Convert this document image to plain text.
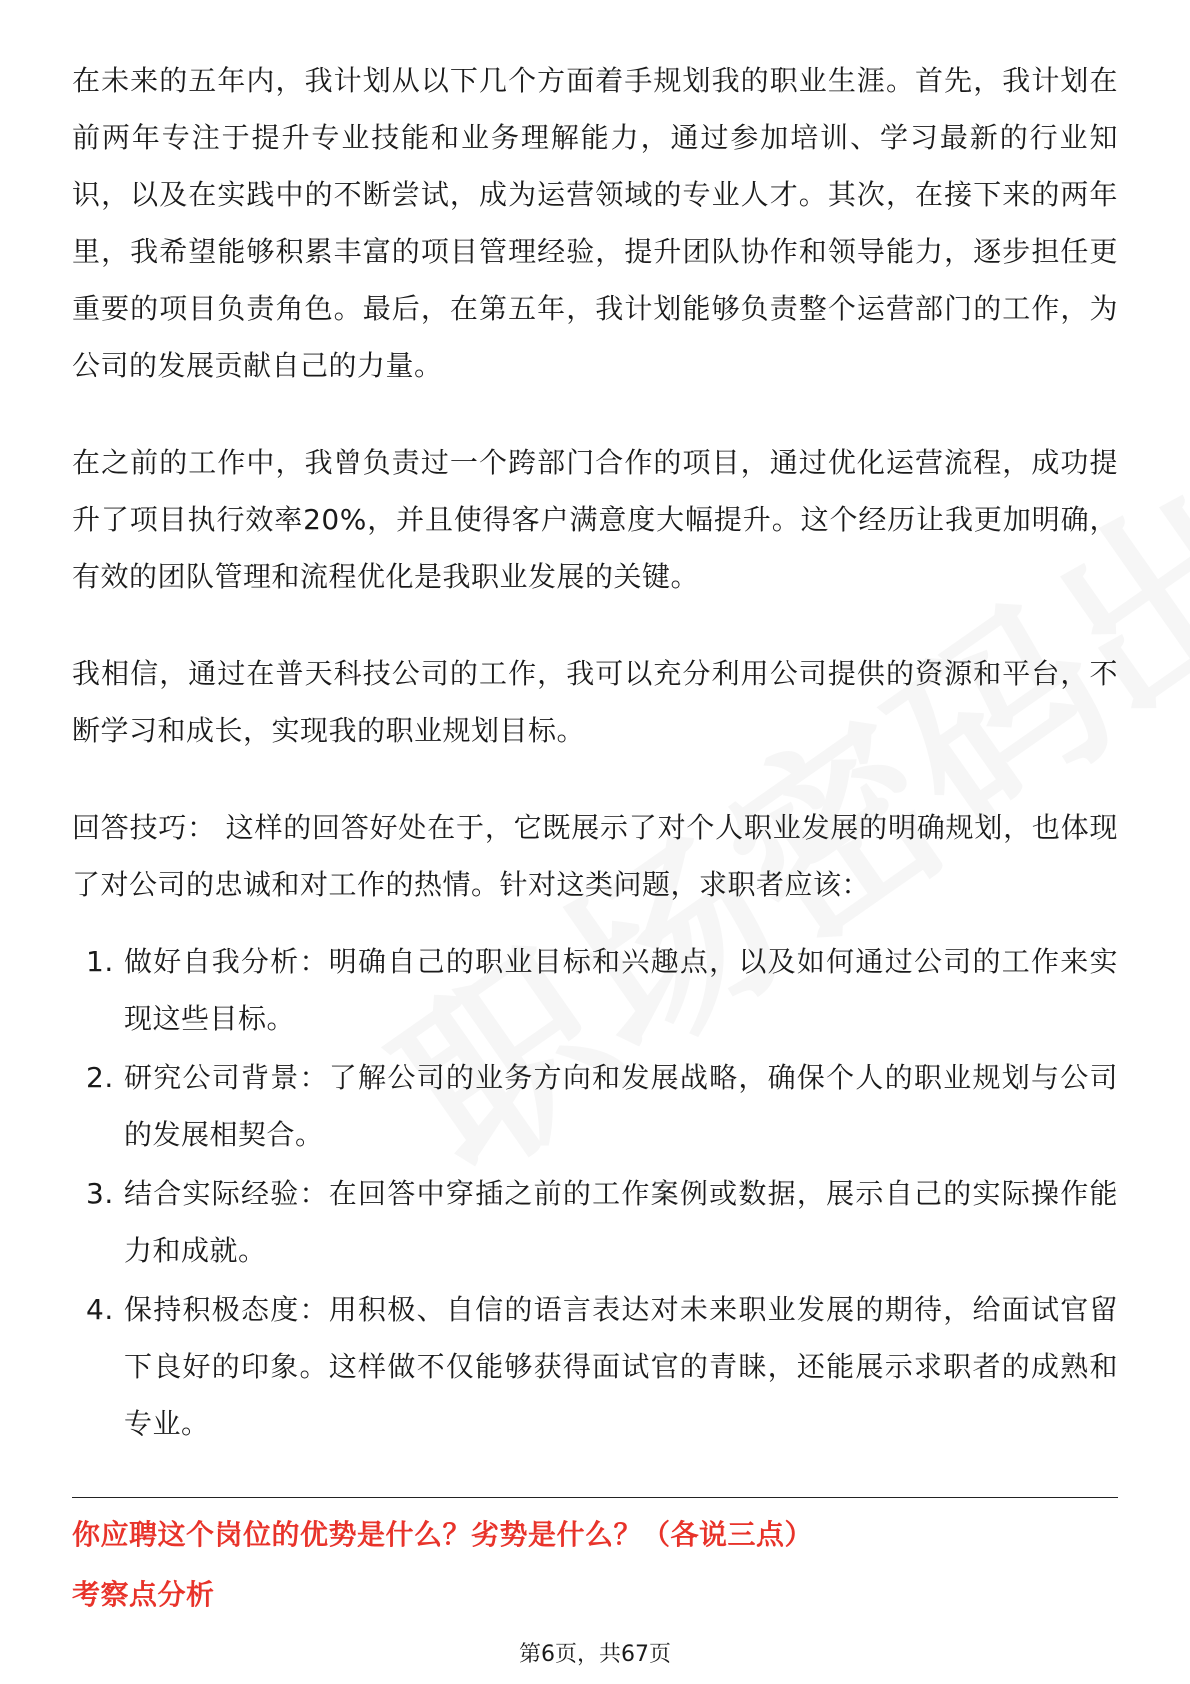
在未来的五年内，我计划从以下几个方面着手规划我的职业生涯。首先，我计划在前两年专注于提升专业技能和业务理解能力，通过参加培训、学习最新的行业知识，以及在实践中的不断尝试，成为运营领域的专业人才。其次，在接下来的两年里，我希望能够积累丰富的项目管理经验，提升团队协作和领导能力，逐步担任更重要的项目负责角色。最后，在第五年，我计划能够负责整个运营部门的工作，为公司的发展贡献自己的力量。

在之前的工作中，我曾负责过一个跨部门合作的项目，通过优化运营流程，成功提升了项目执行效率20%，并且使得客户满意度大幅提升。这个经历让我更加明确，有效的团队管理和流程优化是我职业发展的关键。

我相信，通过在普天科技公司的工作，我可以充分利用公司提供的资源和平台，不断学习和成长，实现我的职业规划目标。

回答技巧： 这样的回答好处在于，它既展示了对个人职业发展的明确规划，也体现了对公司的忠诚和对工作的热情。针对这类问题，求职者应该：

1. 做好自我分析：明确自己的职业目标和兴趣点，以及如何通过公司的工作来实现这些目标。
2. 研究公司背景：了解公司的业务方向和发展战略，确保个人的职业规划与公司的发展相契合。
3. 结合实际经验：在回答中穿插之前的工作案例或数据，展示自己的实际操作能力和成就。
4. 保持积极态度：用积极、自信的语言表达对未来职业发展的期待，给面试官留下良好的印象。这样做不仅能够获得面试官的青睐，还能展示求职者的成熟和专业。
你应聘这个岗位的优势是什么？劣势是什么？（各说三点）
考察点分析
第6页，共67页
